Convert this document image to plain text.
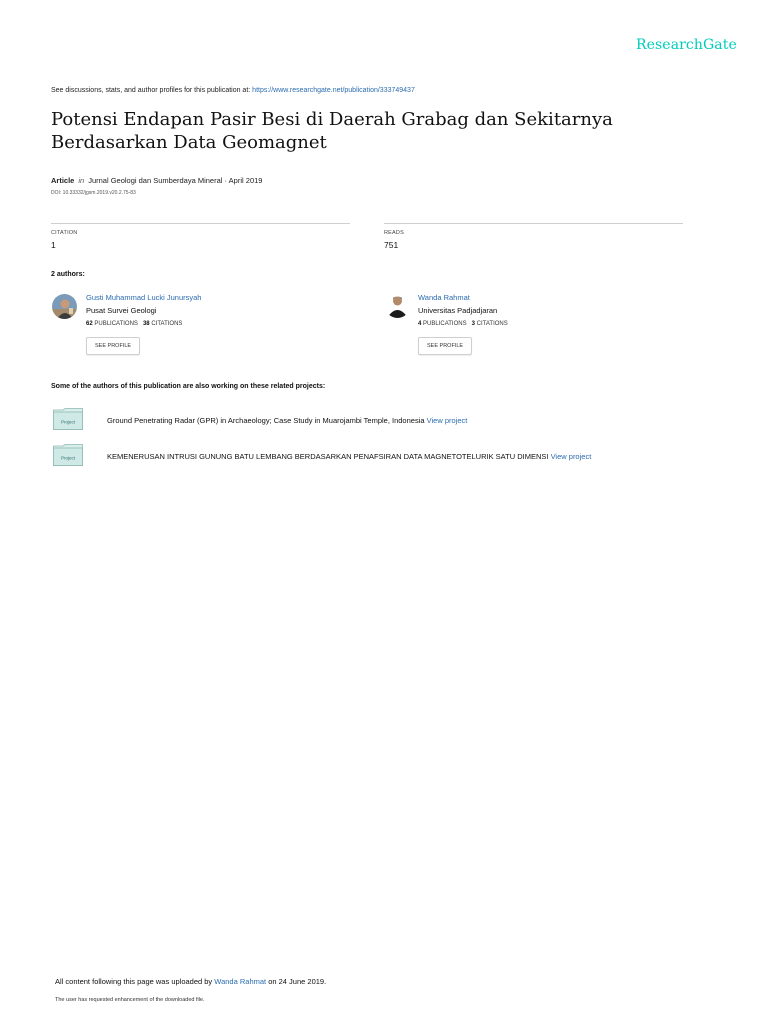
ResearchGate
See discussions, stats, and author profiles for this publication at: https://www.researchgate.net/publication/333749437
Potensi Endapan Pasir Besi di Daerah Grabag dan Sekitarnya Berdasarkan Data Geomagnet
Article in Jurnal Geologi dan Sumberdaya Mineral · April 2019
DOI: 10.33332/jgsm.2019.v20.2.75-83
CITATION
1
READS
751
2 authors:
Gusti Muhammad Lucki Junursyah
Pusat Survei Geologi
62 PUBLICATIONS 38 CITATIONS
SEE PROFILE
Wanda Rahmat
Universitas Padjadjaran
4 PUBLICATIONS 3 CITATIONS
SEE PROFILE
Some of the authors of this publication are also working on these related projects:
Project	Ground Penetrating Radar (GPR) in Archaeology; Case Study in Muarojambi Temple, Indonesia View project
Project	KEMENERUSAN INTRUSI GUNUNG BATU LEMBANG BERDASARKAN PENAFSIRAN DATA MAGNETOTELURIK SATU DIMENSI View project
All content following this page was uploaded by Wanda Rahmat on 24 June 2019.
The user has requested enhancement of the downloaded file.
